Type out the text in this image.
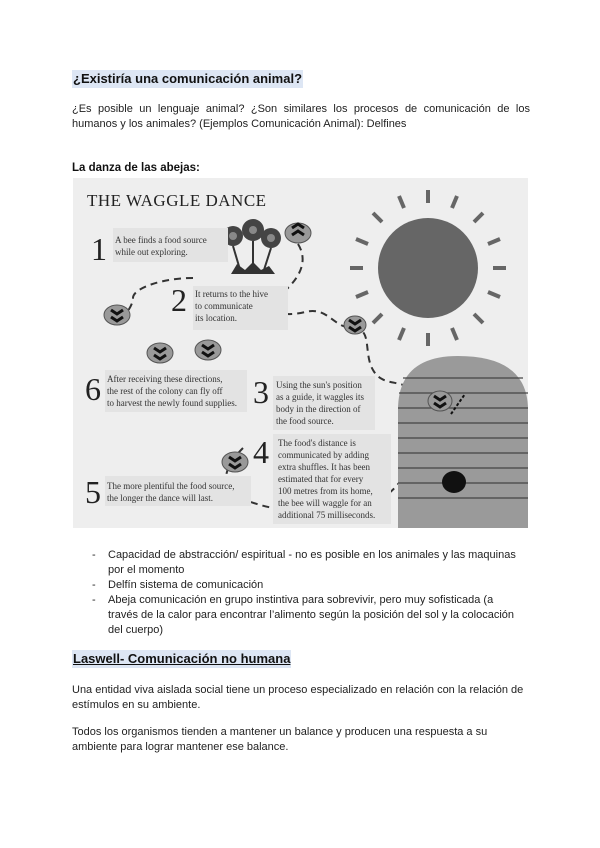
¿Existiría una comunicación animal?
¿Es posible un lenguaje animal? ¿Son similares los procesos de comunicación de los humanos y los animales? (Ejemplos Comunicación Animal): Delfines
La danza de las abejas:
THE WAGGLE DANCE
1 A bee finds a food source
while out exploring.
2 It returns to the hive
to communicate
its location.
3 Using the sun's position
as a guide, it waggles its
body in the direction of
the food source.
4 The food's distance is
communicated by adding
extra shuffles. It has been
estimated that for every
100 metres from its home,
the bee will waggle for an
additional 75 milliseconds.
5 The more plentiful the food source,
the longer the dance will last.
6 After receiving these directions,
the rest of the colony can fly off
to harvest the newly found supplies.
- Capacidad de abstracción/ espiritual - no es posible en los animales y las maquinas por el momento
- Delfín sistema de comunicación
- Abeja comunicación en grupo instintiva para sobrevivir, pero muy sofisticada (a través de la calor para encontrar l’alimento según la posición del sol y la colocación del cuerpo)
Laswell- Comunicación no humana
Una entidad viva aislada social tiene un proceso especializado en relación con la relación de estímulos en su ambiente.
Todos los organismos tienden a mantener un balance y producen una respuesta a su ambiente para lograr mantener ese balance.
